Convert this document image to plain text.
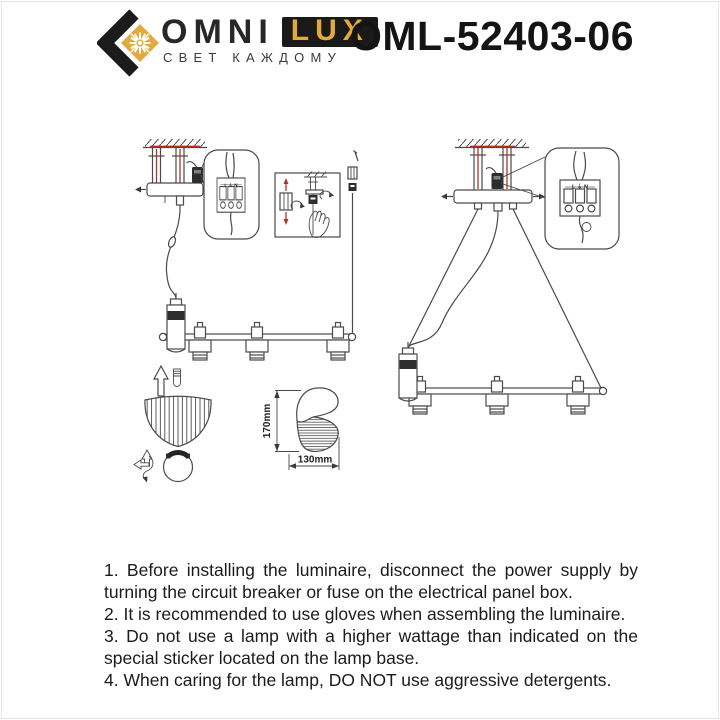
OMNI LUX
СВЕТ КАЖДОМУ OML-52403-06
L ⏚ N	L ⏚ N
170mm
130mm

1. Before installing the luminaire, disconnect the power supply by turning the circuit breaker or fuse on the electrical panel box.

2. It is recommended to use gloves when assembling the luminaire.

3. Do not use a lamp with a higher wattage than indicated on the special sticker located on the lamp base.

4. When caring for the lamp, DO NOT use aggressive detergents.
